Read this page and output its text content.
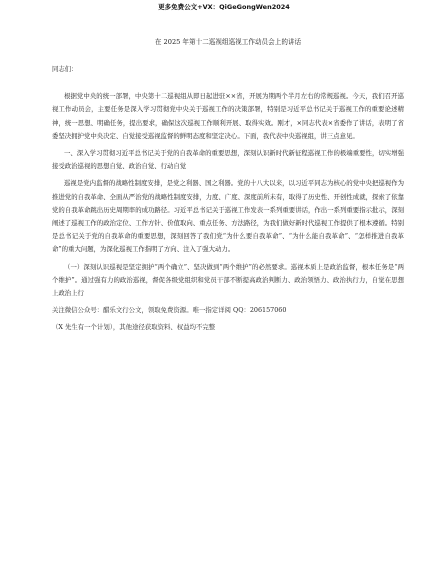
更多免费公文+VX：QiGeGongWen2024
在 2025 年第十二巡视组巡视工作动员会上的讲话

同志们：

根据党中央的统一部署，中央第十二巡视组从即日起进驻××省，开展为期两个半月左右的常规巡视。今天，我们召开巡视工作动员会，主要任务是深入学习贯彻党中央关于巡视工作的决策部署，特别是习近平总书记关于巡视工作的重要论述精神，统一思想、明确任务，提出要求，确保这次巡视工作顺利开展、取得实效。刚才，×同志代表×省委作了讲话，表明了省委坚决拥护党中央决定、自觉接受巡视监督的鲜明态度和坚定决心。下面，我代表中央巡视组，讲三点意见。

一、深入学习贯彻习近平总书记关于党的自我革命的重要思想，深刻认识新时代新征程巡视工作的极端重要性，切实增强接受政治巡视的思想自觉、政治自觉、行动自觉

巡视是党内监督的战略性制度安排，是党之利器、国之利器。党的十八大以来，以习近平同志为核心的党中央把巡视作为推进党的自我革命、全面从严治党的战略性制度安排，力度、广度、深度前所未有，取得了历史性、开创性成就，探索了依靠党的自我革命跳出历史周期率的成功路径。习近平总书记关于巡视工作发表一系列重要讲话，作出一系列重要指示批示，深刻阐述了巡视工作的政治定位、工作方针、价值取向、重点任务、方法路径，为我们做好新时代巡视工作提供了根本遵循。特别是总书记关于党的自我革命的重要思想，深刻回答了我们党“为什么要自我革命”、“为什么能自我革命”、“怎样推进自我革命”的重大问题，为深化巡视工作指明了方向、注入了强大动力。

（一）深刻认识巡视是坚定拥护“两个确立”、坚决做到“两个维护”的必然要求。巡视本质上是政治监督，根本任务是“两个维护”。通过强有力的政治巡视，督促各级党组织和党员干部不断提高政治判断力、政治领悟力、政治执行力，自觉在思想上政治上行

关注微信公众号：醋乐文行公文，领取免费资源。唯一指定详阅 QQ：206157060

（X 先生有一个计划），其他途径获取资料、权益均不完整
